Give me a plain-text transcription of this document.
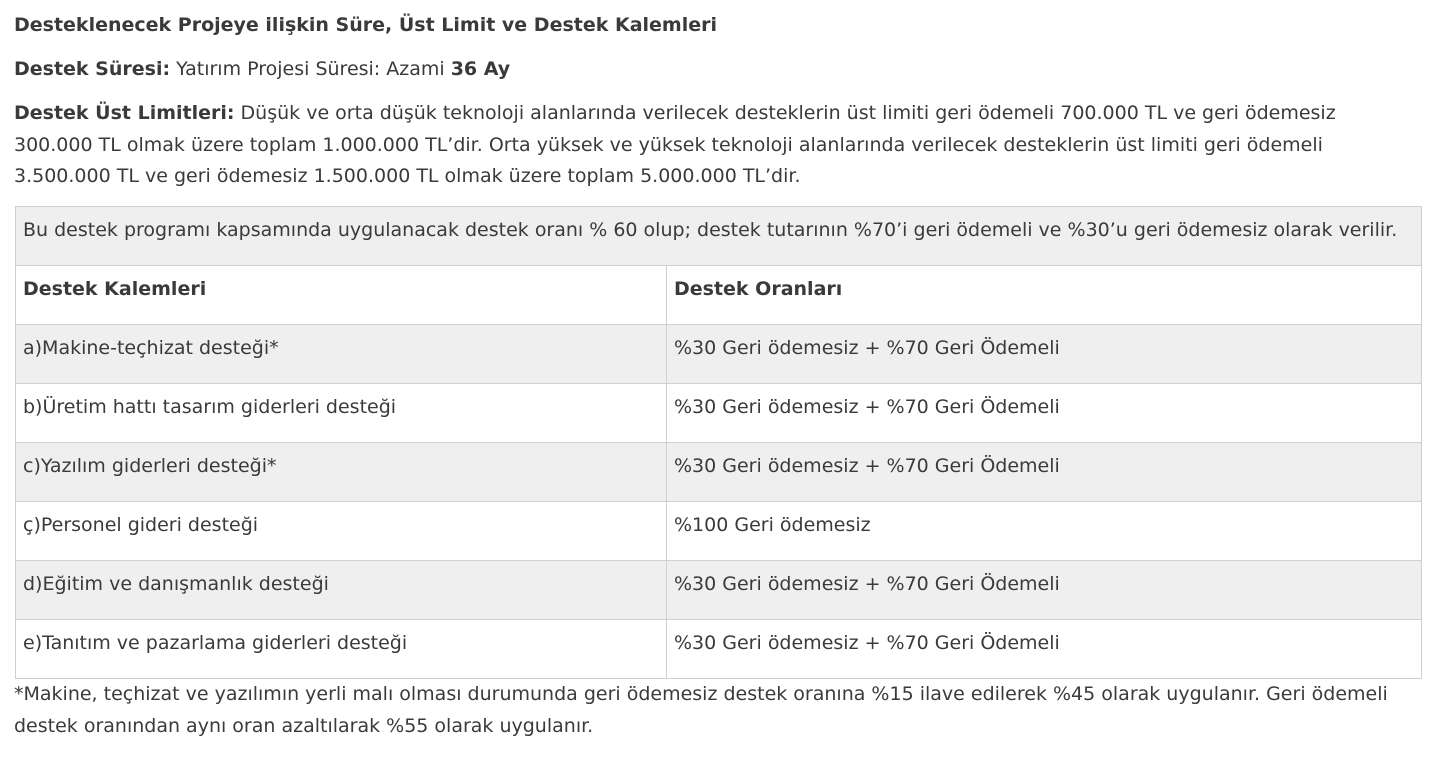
Desteklenecek Projeye ilişkin Süre, Üst Limit ve Destek Kalemleri
Destek Süresi: Yatırım Projesi Süresi: Azami 36 Ay
Destek Üst Limitleri: Düşük ve orta düşük teknoloji alanlarında verilecek desteklerin üst limiti geri ödemeli 700.000 TL ve geri ödemesiz 300.000 TL olmak üzere toplam 1.000.000 TL’dir. Orta yüksek ve yüksek teknoloji alanlarında verilecek desteklerin üst limiti geri ödemeli 3.500.000 TL ve geri ödemesiz 1.500.000 TL olmak üzere toplam 5.000.000 TL’dir.
Bu destek programı kapsamında uygulanacak destek oranı % 60 olup; destek tutarının %70’i geri ödemeli ve %30’u geri ödemesiz olarak verilir.	
Destek Kalemleri	Destek Oranları
a)Makine-teçhizat desteği*	%30 Geri ödemesiz + %70 Geri Ödemeli
b)Üretim hattı tasarım giderleri desteği	%30 Geri ödemesiz + %70 Geri Ödemeli
c)Yazılım giderleri desteği*	%30 Geri ödemesiz + %70 Geri Ödemeli
ç)Personel gideri desteği	%100 Geri ödemesiz
d)Eğitim ve danışmanlık desteği	%30 Geri ödemesiz + %70 Geri Ödemeli
e)Tanıtım ve pazarlama giderleri desteği	%30 Geri ödemesiz + %70 Geri Ödemeli
*Makine, teçhizat ve yazılımın yerli malı olması durumunda geri ödemesiz destek oranına %15 ilave edilerek %45 olarak uygulanır. Geri ödemeli destek oranından aynı oran azaltılarak %55 olarak uygulanır.
